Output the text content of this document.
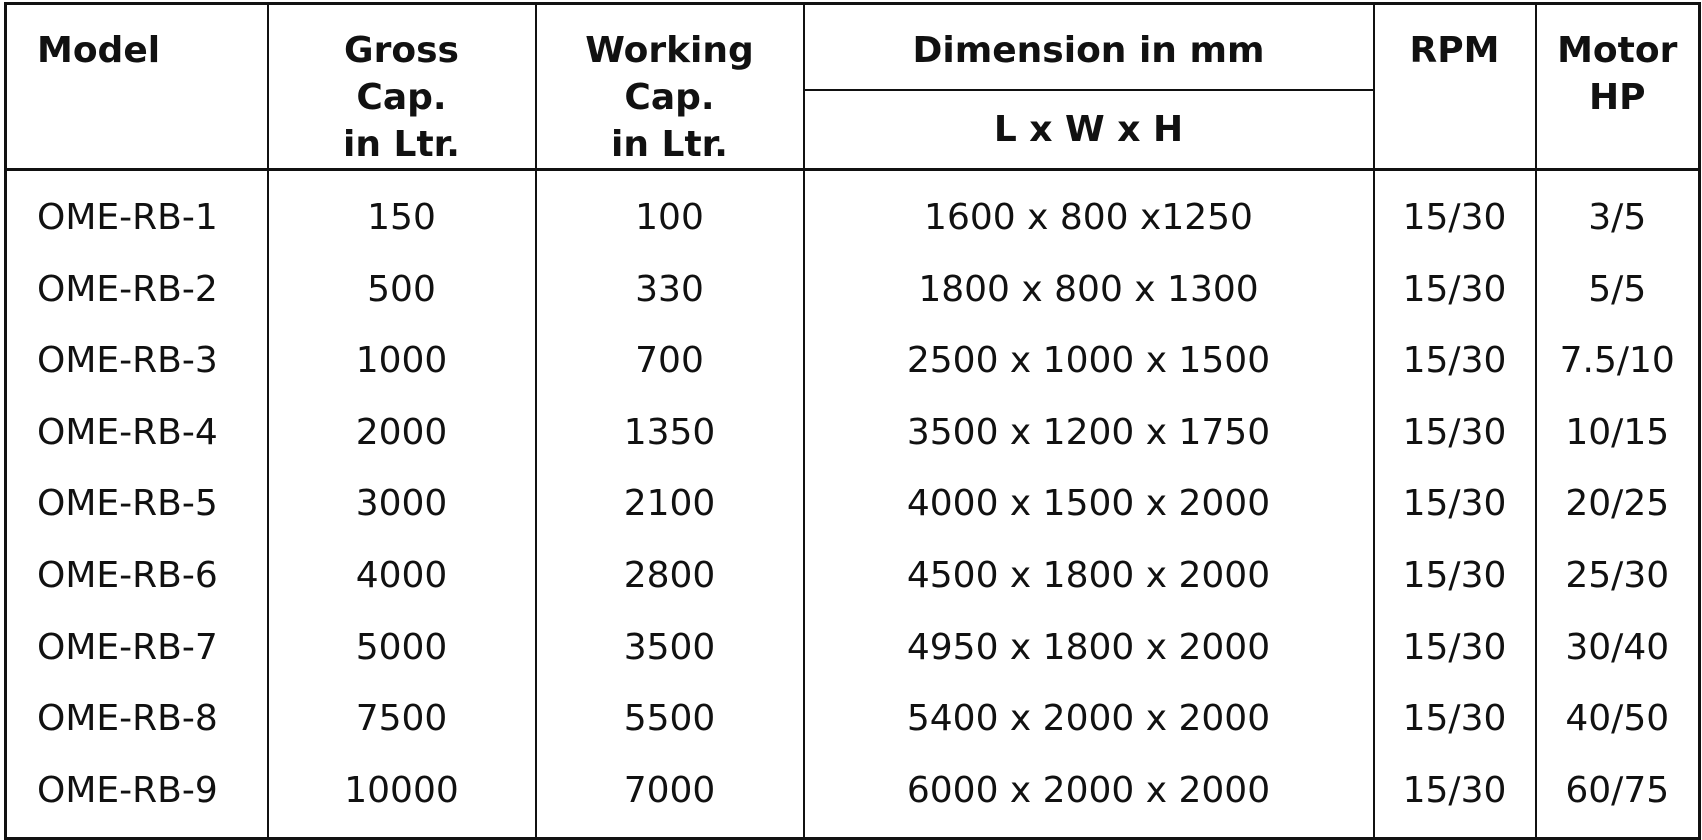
Model	Gross
Cap.
in Ltr.	Working
Cap.
in Ltr.	Dimension in mm	RPM	Motor
HP

			L x W x H		
OME-RB-1	150	100	1600 x 800 x1250	15/30	3/5
OME-RB-2	500	330	1800 x 800 x 1300	15/30	5/5
OME-RB-3	1000	700	2500 x 1000 x 1500	15/30	7.5/10
OME-RB-4	2000	1350	3500 x 1200 x 1750	15/30	10/15
OME-RB-5	3000	2100	4000 x 1500 x 2000	15/30	20/25
OME-RB-6	4000	2800	4500 x 1800 x 2000	15/30	25/30
OME-RB-7	5000	3500	4950 x 1800 x 2000	15/30	30/40
OME-RB-8	7500	5500	5400 x 2000 x 2000	15/30	40/50
OME-RB-9	10000	7000	6000 x 2000 x 2000	15/30	60/75
